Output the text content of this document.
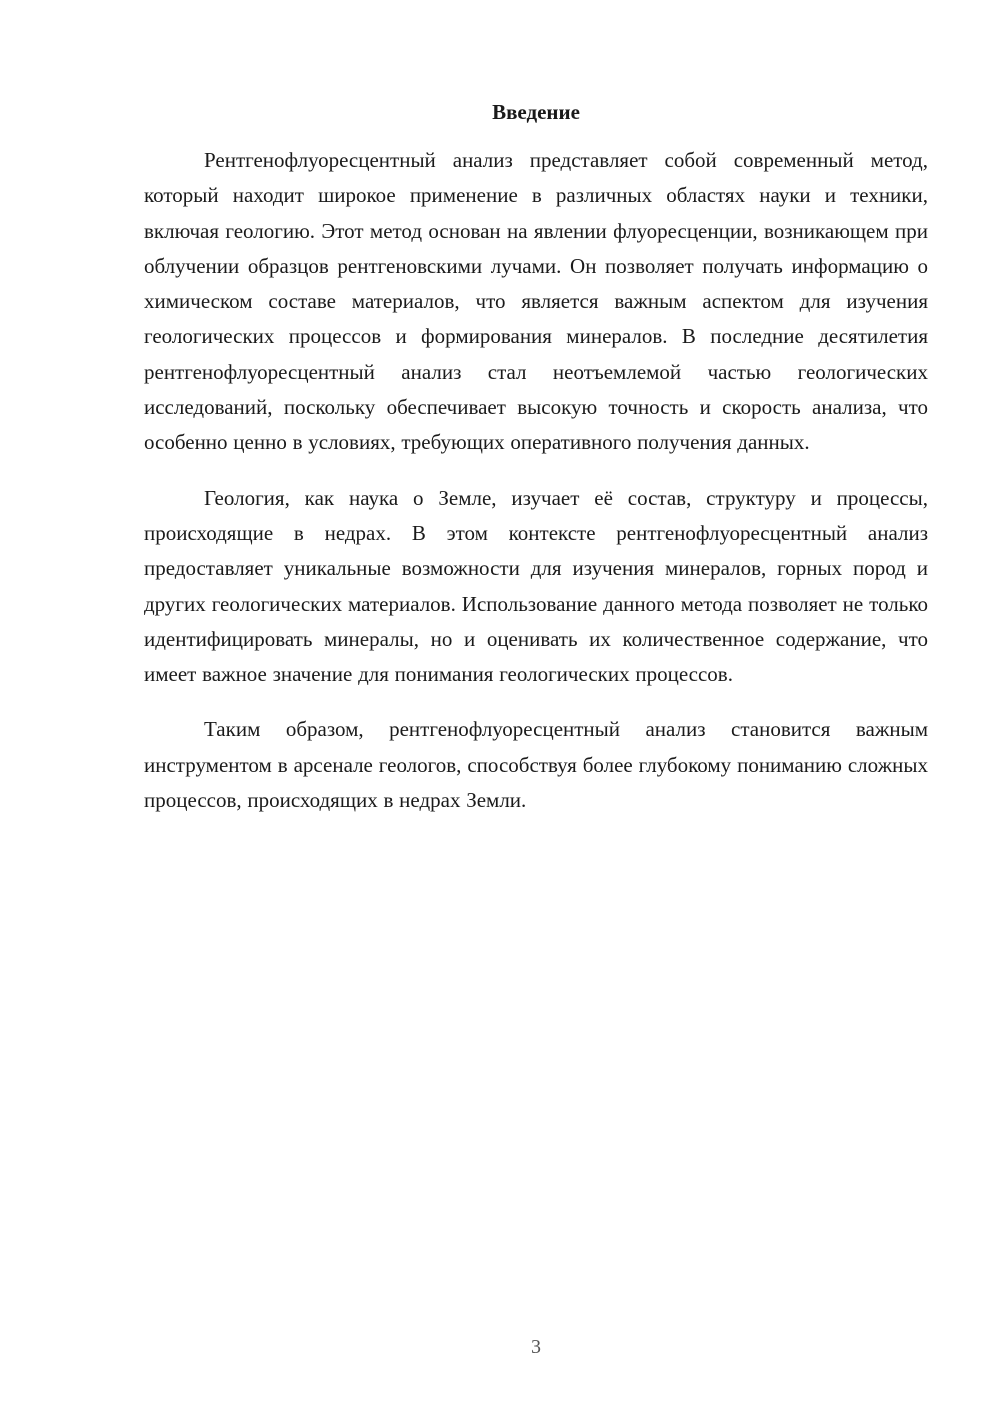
Введение

Рентгенофлуоресцентный анализ представляет собой современный метод, который находит широкое применение в различных областях науки и техники, включая геологию. Этот метод основан на явлении флуоресценции, возникающем при облучении образцов рентгеновскими лучами. Он позволяет получать информацию о химическом составе материалов, что является важным аспектом для изучения геологических процессов и формирования минералов. В последние десятилетия рентгенофлуоресцентный анализ стал неотъемлемой частью геологических исследований, поскольку обеспечивает высокую точность и скорость анализа, что особенно ценно в условиях, требующих оперативного получения данных.

Геология, как наука о Земле, изучает её состав, структуру и процессы, происходящие в недрах. В этом контексте рентгенофлуоресцентный анализ предоставляет уникальные возможности для изучения минералов, горных пород и других геологических материалов. Использование данного метода позволяет не только идентифицировать минералы, но и оценивать их количественное содержание, что имеет важное значение для понимания геологических процессов.

Таким образом, рентгенофлуоресцентный анализ становится важным инструментом в арсенале геологов, способствуя более глубокому пониманию сложных процессов, происходящих в недрах Земли.

3
